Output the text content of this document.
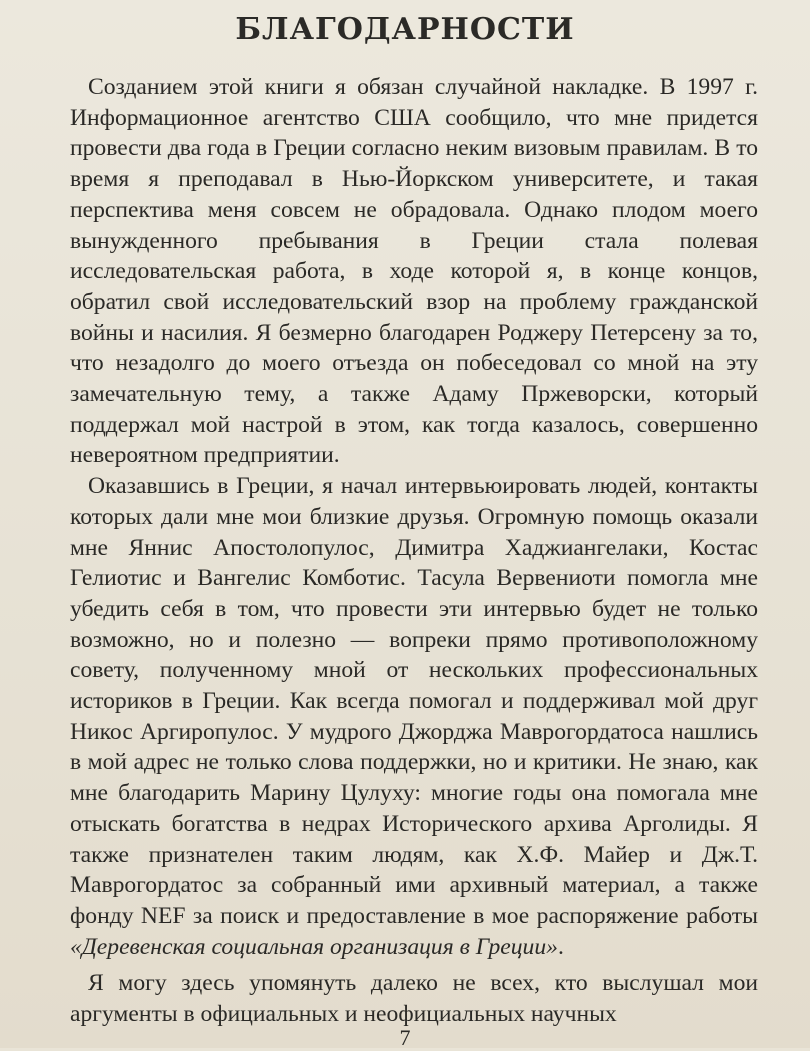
БЛАГОДАРНОСТИ

Созданием этой книги я обязан случайной накладке. В 1997 г. Информационное агентство США сообщило, что мне придется провести два года в Греции согласно неким визовым правилам. В то время я преподавал в Нью-Йоркском университете, и такая перспектива меня совсем не обрадовала. Однако плодом моего вынужденного пребывания в Греции стала полевая исследовательская работа, в ходе которой я, в конце концов, обратил свой исследовательский взор на проблему гражданской войны и насилия. Я безмерно благодарен Роджеру Петерсену за то, что незадолго до моего отъезда он побеседовал со мной на эту замечательную тему, а также Адаму Пржеворски, который поддержал мой настрой в этом, как тогда казалось, совершенно невероятном предприятии.

Оказавшись в Греции, я начал интервьюировать людей, контакты которых дали мне мои близкие друзья. Огромную помощь оказали мне Яннис Апостолопулос, Димитра Хаджиангелаки, Костас Гелиотис и Вангелис Комботис. Тасула Вервениоти помогла мне убедить себя в том, что провести эти интервью будет не только возможно, но и полезно — вопреки прямо противоположному совету, полученному мной от нескольких профессиональных историков в Греции. Как всегда помогал и поддерживал мой друг Никос Аргиропулос. У мудрого Джорджа Маврогордатоса нашлись в мой адрес не только слова поддержки, но и критики. Не знаю, как мне благодарить Марину Цулуху: многие годы она помогала мне отыскать богатства в недрах Исторического архива Арголиды. Я также признателен таким людям, как Х.Ф. Майер и Дж.Т. Маврогордатос за собранный ими архивный материал, а также фонду NEF за поиск и предоставление в мое распоряжение работы «Деревенская социальная организация в Греции».

Я могу здесь упомянуть далеко не всех, кто выслушал мои аргументы в официальных и неофициальных научных

7
